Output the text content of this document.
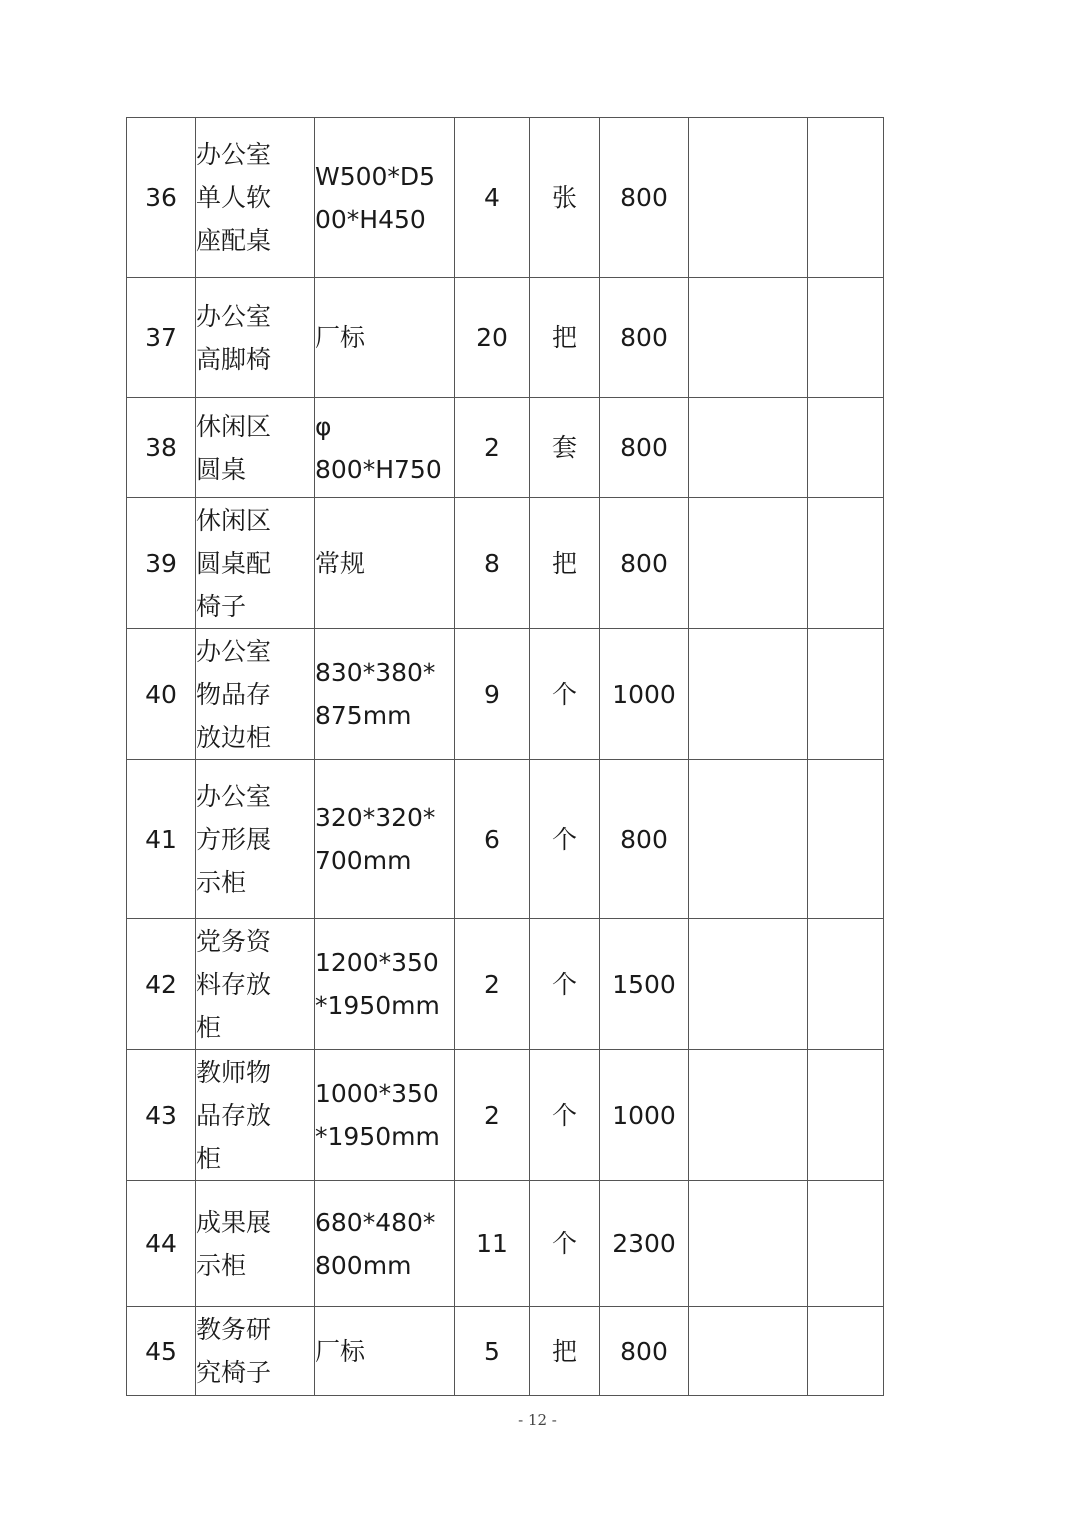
36	办公室
单人软
座配桌	W500*D5
00*H450	4	张	800		

37	办公室
高脚椅	厂标	20	把	800		

38	休闲区
圆桌	φ
800*H750	2	套	800		

39	休闲区
圆桌配
椅子	常规	8	把	800		

40	办公室
物品存
放边柜	830*380*
875mm	9	个	1000		

41	办公室
方形展
示柜	320*320*
700mm	6	个	800		

42	党务资
料存放
柜	1200*350
*1950mm	2	个	1500		

43	教师物
品存放
柜	1000*350
*1950mm	2	个	1000		

44	成果展
示柜	680*480*
800mm	11	个	2300		

45	教务研
究椅子	厂标	5	把	800		

- 12 -
